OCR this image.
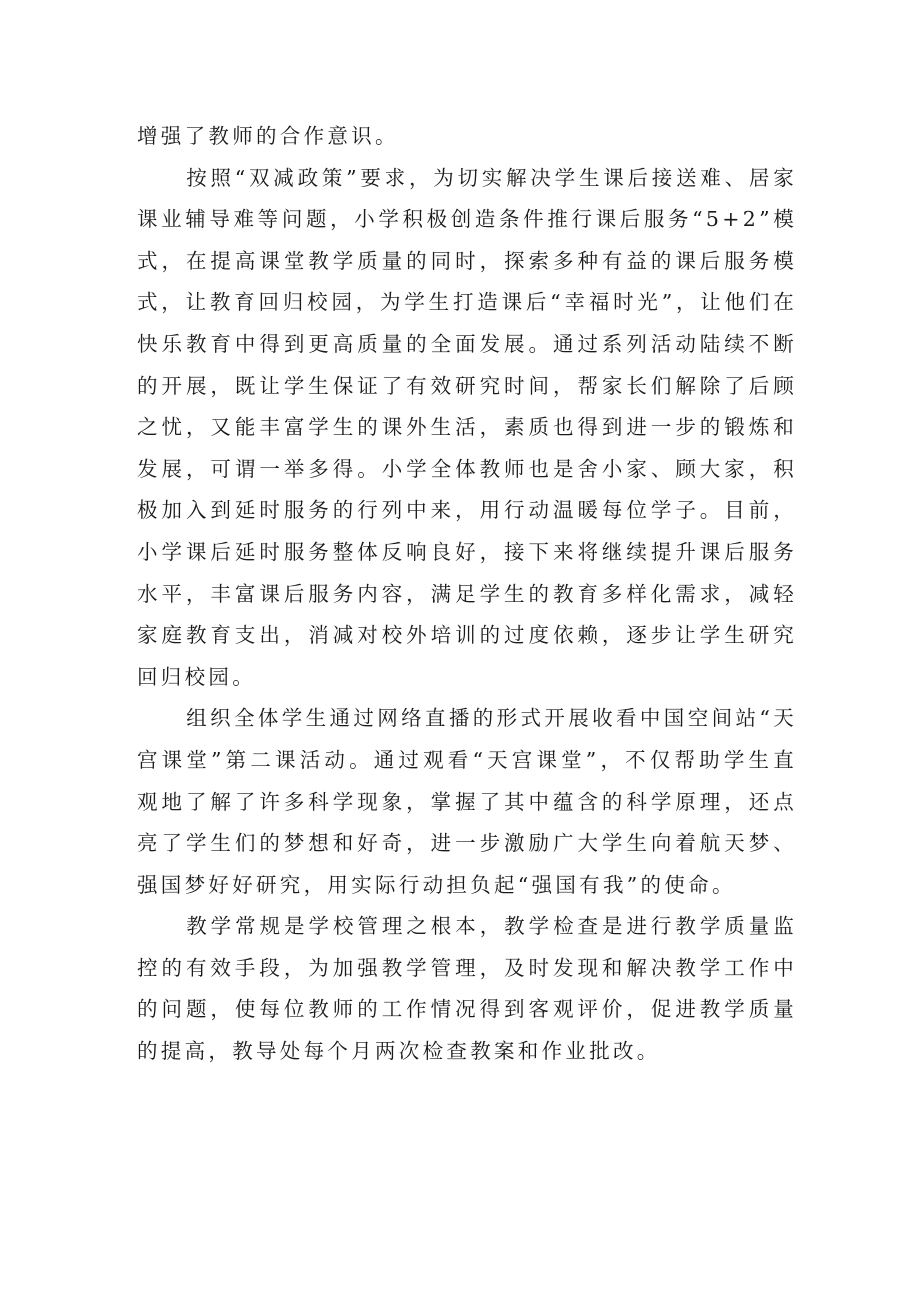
增强了教师的合作意识。

按照“双减政策”要求，为切实解决学生课后接送难、居家课业辅导难等问题，小学积极创造条件推行课后服务“5+2”模式，在提高课堂教学质量的同时，探索多种有益的课后服务模式，让教育回归校园，为学生打造课后“幸福时光”，让他们在快乐教育中得到更高质量的全面发展。通过系列活动陆续不断的开展，既让学生保证了有效研究时间，帮家长们解除了后顾之忧，又能丰富学生的课外生活，素质也得到进一步的锻炼和发展，可谓一举多得。小学全体教师也是舍小家、顾大家，积极加入到延时服务的行列中来，用行动温暖每位学子。目前，小学课后延时服务整体反响良好，接下来将继续提升课后服务水平，丰富课后服务内容，满足学生的教育多样化需求，减轻家庭教育支出，消减对校外培训的过度依赖，逐步让学生研究回归校园。

组织全体学生通过网络直播的形式开展收看中国空间站“天宫课堂”第二课活动。通过观看“天宫课堂”，不仅帮助学生直观地了解了许多科学现象，掌握了其中蕴含的科学原理，还点亮了学生们的梦想和好奇，进一步激励广大学生向着航天梦、强国梦好好研究，用实际行动担负起“强国有我”的使命。

教学常规是学校管理之根本，教学检查是进行教学质量监控的有效手段，为加强教学管理，及时发现和解决教学工作中的问题，使每位教师的工作情况得到客观评价，促进教学质量的提高，教导处每个月两次检查教案和作业批改。
